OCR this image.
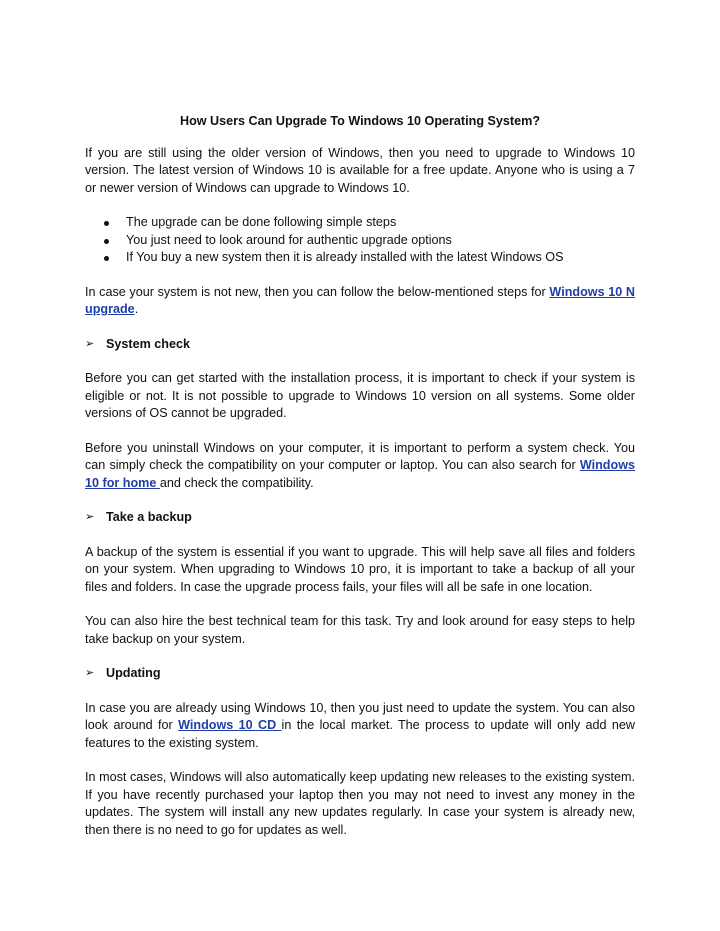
How Users Can Upgrade To Windows 10 Operating System?

If you are still using the older version of Windows, then you need to upgrade to Windows 10 version. The latest version of Windows 10 is available for a free update. Anyone who is using a 7 or newer version of Windows can upgrade to Windows 10.

The upgrade can be done following simple steps
You just need to look around for authentic upgrade options
If You buy a new system then it is already installed with the latest Windows OS

In case your system is not new, then you can follow the below-mentioned steps for Windows 10 N upgrade.

➢ System check

Before you can get started with the installation process, it is important to check if your system is eligible or not. It is not possible to upgrade to Windows 10 version on all systems. Some older versions of OS cannot be upgraded.

Before you uninstall Windows on your computer, it is important to perform a system check. You can simply check the compatibility on your computer or laptop. You can also search for Windows 10 for home and check the compatibility.

➢ Take a backup

A backup of the system is essential if you want to upgrade. This will help save all files and folders on your system. When upgrading to Windows 10 pro, it is important to take a backup of all your files and folders. In case the upgrade process fails, your files will all be safe in one location.

You can also hire the best technical team for this task. Try and look around for easy steps to help take backup on your system.

➢ Updating

In case you are already using Windows 10, then you just need to update the system. You can also look around for Windows 10 CD in the local market. The process to update will only add new features to the existing system.

In most cases, Windows will also automatically keep updating new releases to the existing system. If you have recently purchased your laptop then you may not need to invest any money in the updates. The system will install any new updates regularly. In case your system is already new, then there is no need to go for updates as well.
